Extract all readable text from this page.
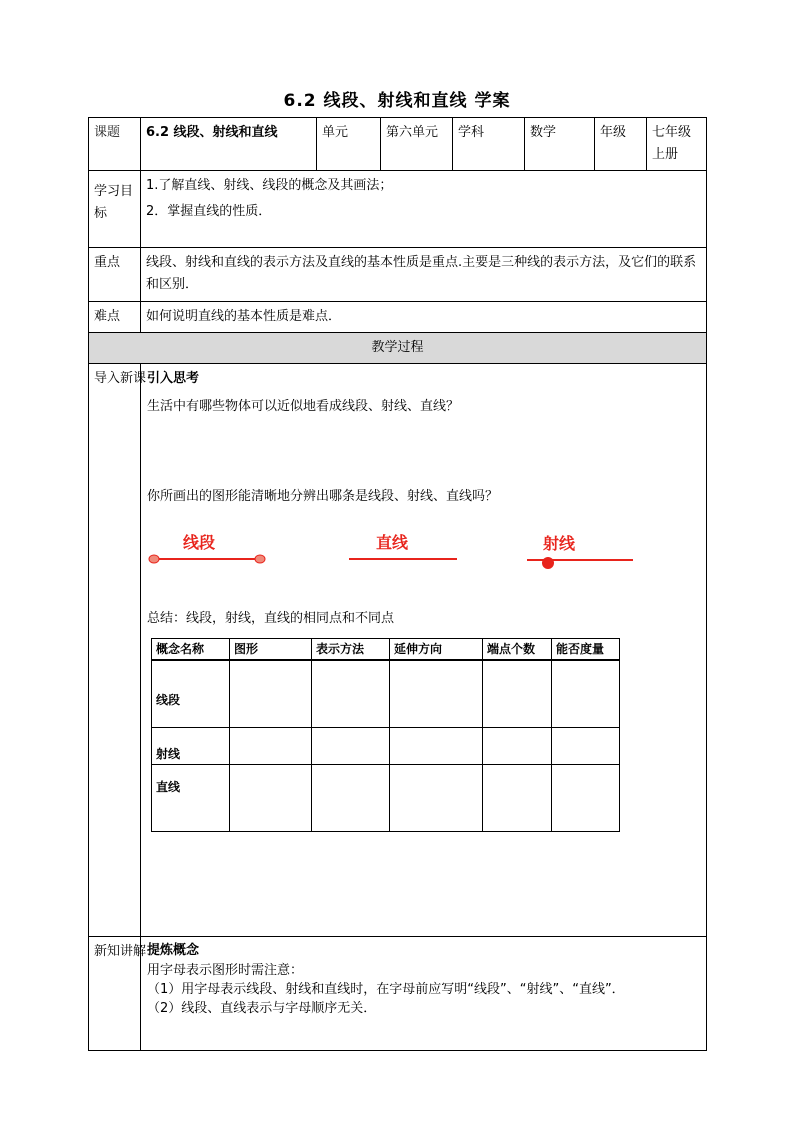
6.2 线段、射线和直线 学案
课题	6.2 线段、射线和直线	单元	第六单元	学科	数学	年级	七年级上册
学习目标	

1.了解直线、射线、线段的概念及其画法；

2．掌握直线的性质．

重点	线段、射线和直线的表示方法及直线的基本性质是重点.主要是三种线的表示方法，及它们的联系和区别．
难点	如何说明直线的基本性质是难点．
教学过程
导入新课	引入思考

生活中有哪些物体可以近似地看成线段、射线、直线？

你所画出的图形能清晰地分辨出哪条是线段、射线、直线吗？

线段	直线	射线

总结：线段，射线，直线的相同点和不同点

概念名称	图形	表示方法	延伸方向	端点个数	能否度量
线段					
射线					
直线					

新知讲解	提炼概念

用字母表示图形时需注意：

（1）用字母表示线段、射线和直线时，在字母前应写明“线段”、“射线”、“直线”．

（2）线段、直线表示与字母顺序无关．
